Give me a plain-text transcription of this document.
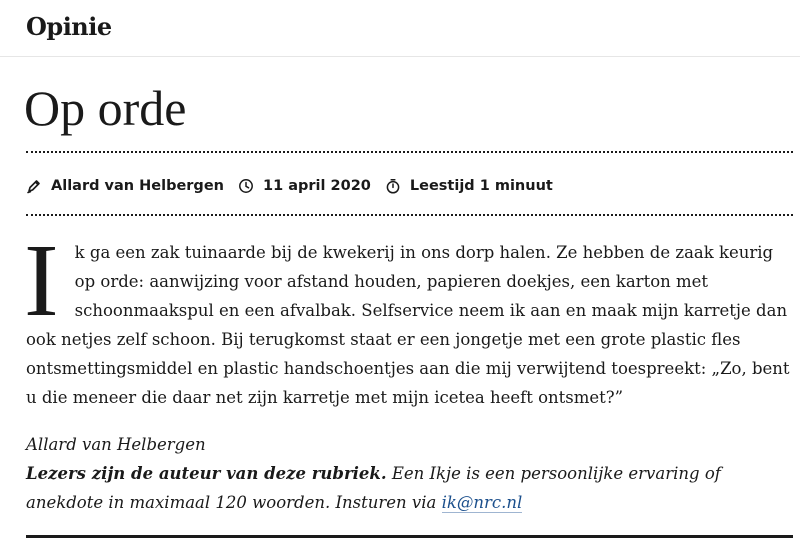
Opinie
Op orde
Allard van Helbergen	11 april 2020	Leestijd 1 minuut

Ik ga een zak tuinaarde bij de kwekerij in ons dorp halen. Ze hebben de zaak keurig op orde: aanwijzing voor afstand houden, papieren doekjes, een karton met schoonmaakspul en een afvalbak. Selfservice neem ik aan en maak mijn karretje dan ook netjes zelf schoon. Bij terugkomst staat er een jongetje met een grote plastic fles ontsmettingsmiddel en plastic handschoentjes aan die mij verwijtend toespreekt: „Zo, bent u die meneer die daar net zijn karretje met mijn icetea heeft ontsmet?”

Allard van Helbergen

Lezers zijn de auteur van deze rubriek. Een Ikje is een persoonlijke ervaring of anekdote in maximaal 120 woorden. Insturen via ik@nrc.nl
